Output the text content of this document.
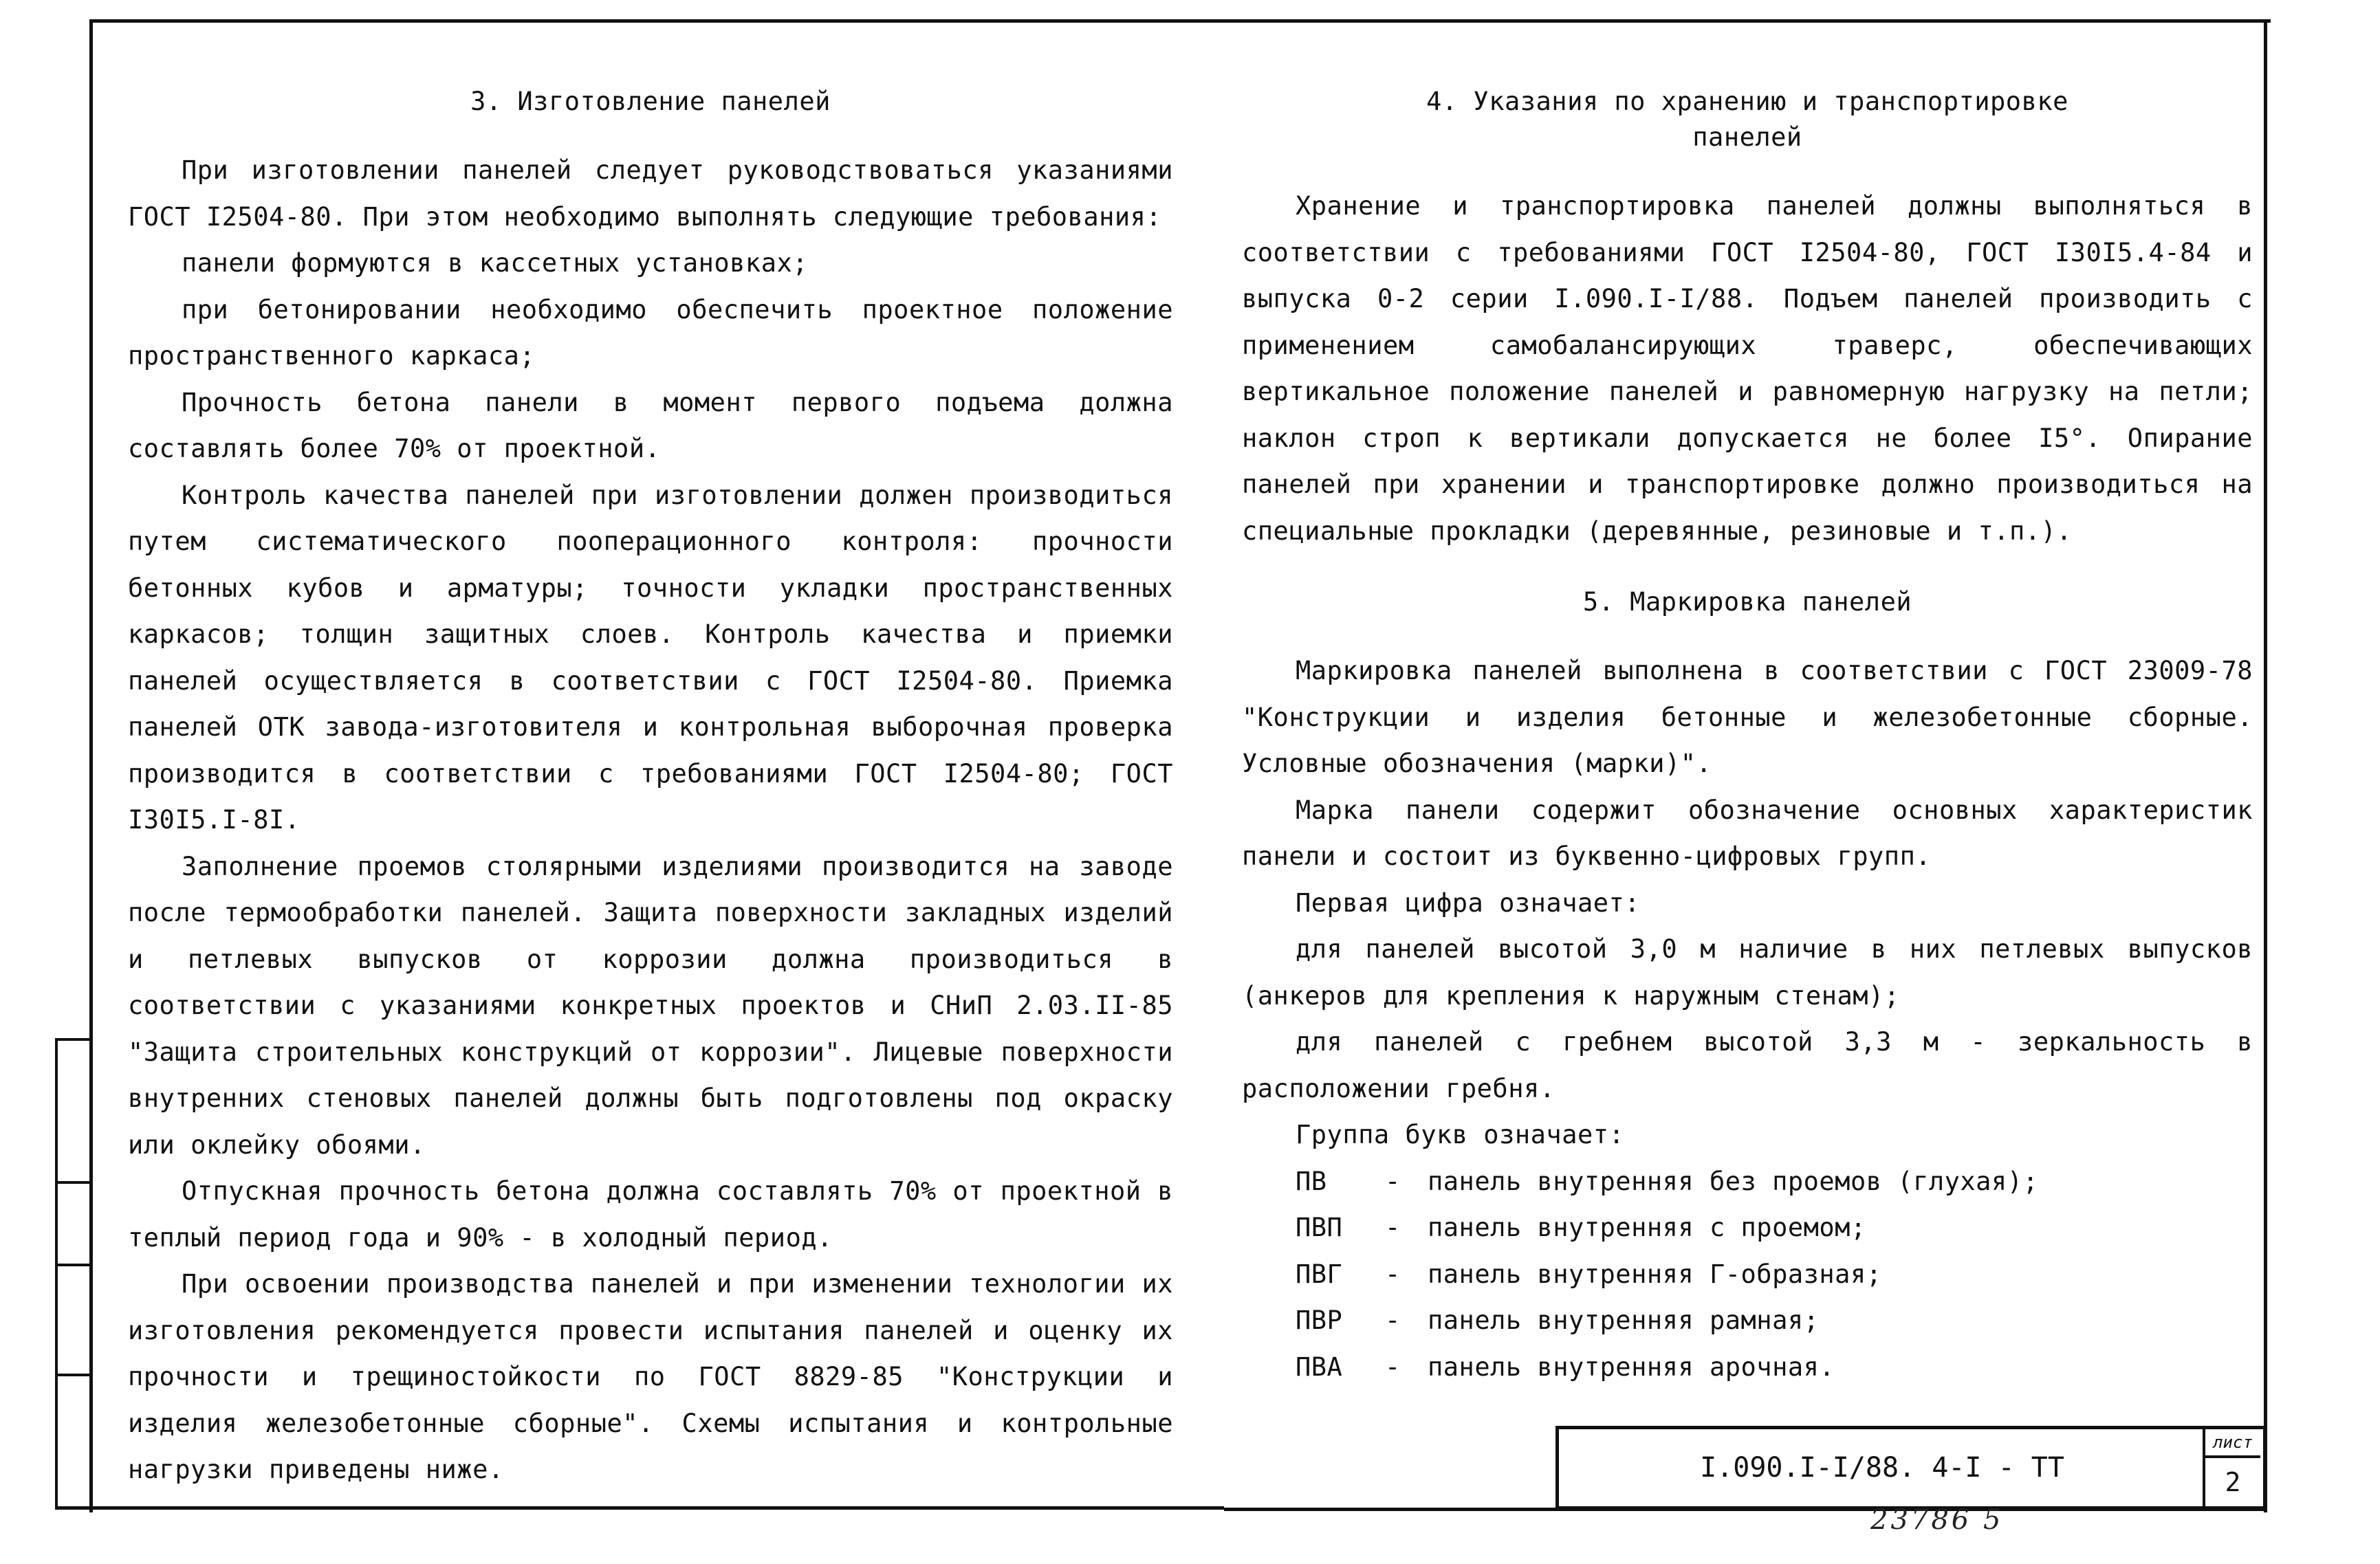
3. Изготовление панелей

При изготовлении панелей следует руководствоваться указаниями ГОСТ I2504-80. При этом необходимо выполнять следующие требования:

панели формуются в кассетных установках;

при бетонировании необходимо обеспечить проектное положение пространственного каркаса;

Прочность бетона панели в момент первого подъема должна составлять более 70% от проектной.

Контроль качества панелей при изготовлении должен производиться путем систематического пооперационного контроля: прочности бетонных кубов и арматуры; точности укладки пространственных каркасов; толщин защитных слоев. Контроль качества и приемки панелей осуществляется в соответствии с ГОСТ I2504-80. Приемка панелей ОТК завода-изготовителя и контрольная выборочная проверка производится в соответствии с требованиями ГОСТ I2504-80; ГОСТ I30I5.I-8I.

Заполнение проемов столярными изделиями производится на заводе после термообработки панелей. Защита поверхности закладных изделий и петлевых выпусков от коррозии должна производиться в соответствии с указаниями конкретных проектов и СНиП 2.03.II-85 "Защита строительных конструкций от коррозии". Лицевые поверхности внутренних стеновых панелей должны быть подготовлены под окраску или оклейку обоями.

Отпускная прочность бетона должна составлять 70% от проектной в теплый период года и 90% - в холодный период.

При освоении производства панелей и при изменении технологии их изготовления рекомендуется провести испытания панелей и оценку их прочности и трещиностойкости по ГОСТ 8829-85 "Конструкции и изделия железобетонные сборные". Схемы испытания и контрольные нагрузки приведены ниже.

4. Указания по хранению и транспортировке
панелей

Хранение и транспортировка панелей должны выполняться в соответствии с требованиями ГОСТ I2504-80, ГОСТ I30I5.4-84 и выпуска 0-2 серии I.090.I-I/88. Подъем панелей производить с применением самобалансирующих траверс, обеспечивающих вертикальное положение панелей и равномерную нагрузку на петли; наклон строп к вертикали допускается не более I5°. Опирание панелей при хранении и транспортировке должно производиться на специальные прокладки (деревянные, резиновые и т.п.).

5. Маркировка панелей

Маркировка панелей выполнена в соответствии с ГОСТ 23009-78 "Конструкции и изделия бетонные и железобетонные сборные. Условные обозначения (марки)".

Марка панели содержит обозначение основных характеристик панели и состоит из буквенно-цифровых групп.

Первая цифра означает:

для панелей высотой 3,0 м наличие в них петлевых выпусков (анкеров для крепления к наружным стенам);

для панелей с гребнем высотой 3,3 м - зеркальность в расположении гребня.

Группа букв означает:

ПВ	-	панель внутренняя без проемов (глухая);
ПВП	-	панель внутренняя с проемом;
ПВГ	-	панель внутренняя Г-образная;
ПВР	-	панель внутренняя рамная;
ПВА	-	панель внутренняя арочная.
I.090.I-I/88. 4-I - ТТ
лист
2
23786 5
